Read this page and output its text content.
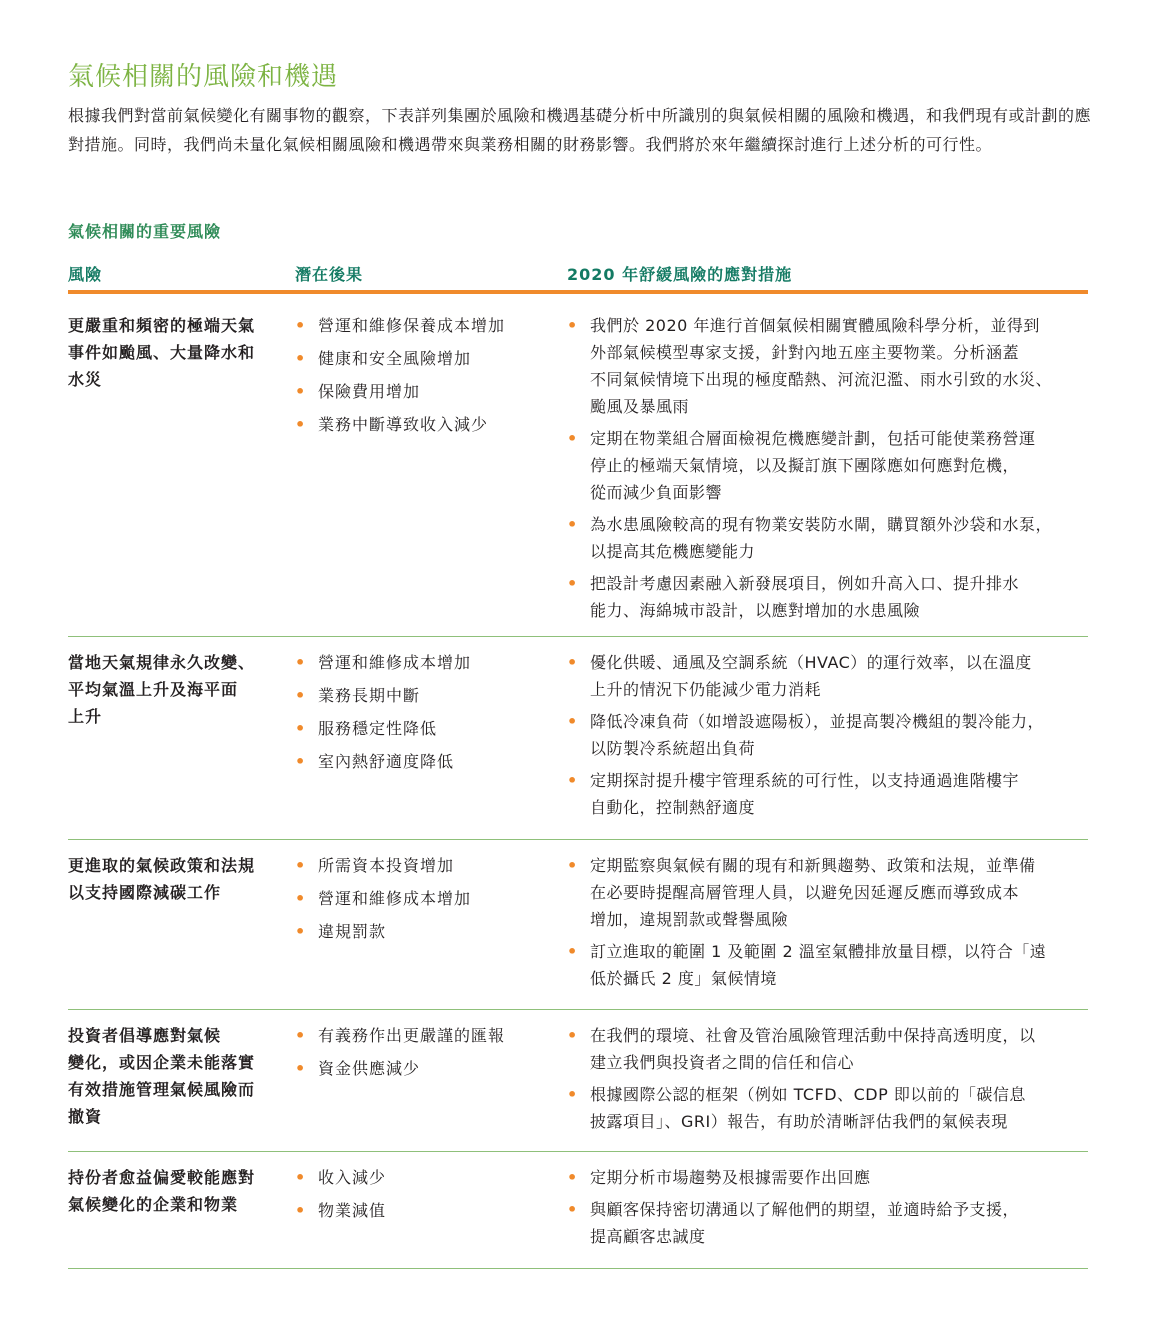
氣候相關的風險和機遇
根據我們對當前氣候變化有關事物的觀察，下表詳列集團於風險和機遇基礎分析中所識別的與氣候相關的風險和機遇，和我們現有或計劃的應對措施。同時，我們尚未量化氣候相關風險和機遇帶來與業務相關的財務影響。我們將於來年繼續探討進行上述分析的可行性。
氣候相關的重要風險
風險	潛在後果	2020 年舒緩風險的應對措施
更嚴重和頻密的極端天氣
事件如颱風、大量降水和
水災
• 營運和維修保養成本增加
• 健康和安全風險增加
• 保險費用增加
• 業務中斷導致收入減少
• 我們於 2020 年進行首個氣候相關實體風險科學分析，並得到
外部氣候模型專家支援，針對內地五座主要物業。分析涵蓋
不同氣候情境下出現的極度酷熱、河流氾濫、雨水引致的水災、
颱風及暴風雨
• 定期在物業組合層面檢視危機應變計劃，包括可能使業務營運
停止的極端天氣情境，以及擬訂旗下團隊應如何應對危機，
從而減少負面影響
• 為水患風險較高的現有物業安裝防水閘，購買額外沙袋和水泵，
以提高其危機應變能力
• 把設計考慮因素融入新發展項目，例如升高入口、提升排水
能力、海綿城市設計，以應對增加的水患風險
當地天氣規律永久改變、
平均氣溫上升及海平面
上升
• 營運和維修成本增加
• 業務長期中斷
• 服務穩定性降低
• 室內熱舒適度降低
• 優化供暖、通風及空調系統（HVAC）的運行效率，以在溫度
上升的情況下仍能減少電力消耗
• 降低冷凍負荷（如增設遮陽板），並提高製冷機組的製冷能力，
以防製冷系統超出負荷
• 定期探討提升樓宇管理系統的可行性，以支持通過進階樓宇
自動化，控制熱舒適度
更進取的氣候政策和法規
以支持國際減碳工作
• 所需資本投資增加
• 營運和維修成本增加
• 違規罰款
• 定期監察與氣候有關的現有和新興趨勢、政策和法規，並準備
在必要時提醒高層管理人員，以避免因延遲反應而導致成本
增加，違規罰款或聲譽風險
• 訂立進取的範圍 1 及範圍 2 溫室氣體排放量目標，以符合「遠
低於攝氏 2 度」氣候情境
投資者倡導應對氣候
變化，或因企業未能落實
有效措施管理氣候風險而
撤資
• 有義務作出更嚴謹的匯報
• 資金供應減少
• 在我們的環境、社會及管治風險管理活動中保持高透明度，以
建立我們與投資者之間的信任和信心
• 根據國際公認的框架（例如 TCFD、CDP 即以前的「碳信息
披露項目」、GRI）報告，有助於清晰評估我們的氣候表現
持份者愈益偏愛較能應對
氣候變化的企業和物業
• 收入減少
• 物業減值
• 定期分析市場趨勢及根據需要作出回應
• 與顧客保持密切溝通以了解他們的期望，並適時給予支援，
提高顧客忠誠度
